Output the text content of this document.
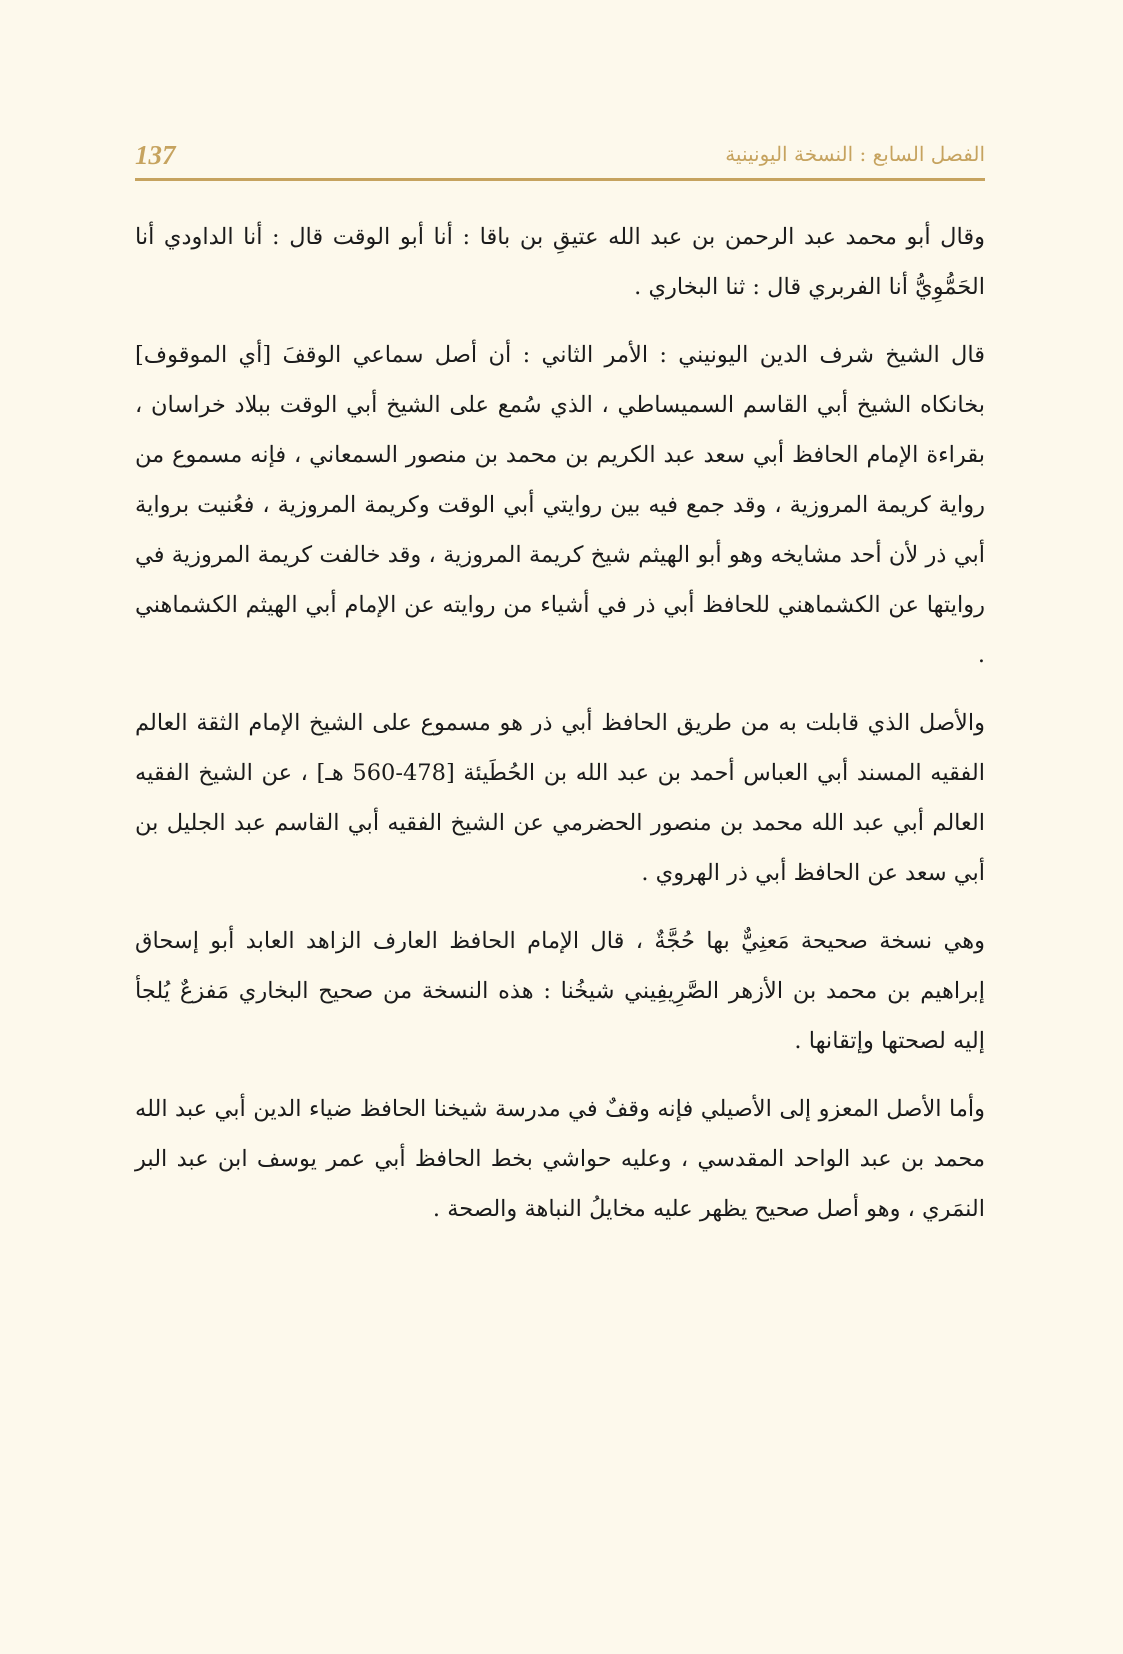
137	الفصل السابع : النسخة اليونينية

وقال أبو محمد عبد الرحمن بن عبد الله عتيقِ بن باقا : أنا أبو الوقت قال : أنا الداودي أنا الحَمُّوِيُّ أنا الفربري قال : ثنا البخاري .

قال الشيخ شرف الدين اليونيني : الأمر الثاني : أن أصل سماعي الوقفَ [أي الموقوف] بخانكاه الشيخ أبي القاسم السميساطي ، الذي سُمع على الشيخ أبي الوقت ببلاد خراسان ، بقراءة الإمام الحافظ أبي سعد عبد الكريم بن محمد بن منصور السمعاني ، فإنه مسموع من رواية كريمة المروزية ، وقد جمع فيه بين روايتي أبي الوقت وكريمة المروزية ، فعُنيت برواية أبي ذر لأن أحد مشايخه وهو أبو الهيثم شيخ كريمة المروزية ، وقد خالفت كريمة المروزية في روايتها عن الكشماهني للحافظ أبي ذر في أشياء من روايته عن الإمام أبي الهيثم الكشماهني .

والأصل الذي قابلت به من طريق الحافظ أبي ذر هو مسموع على الشيخ الإمام الثقة العالم الفقيه المسند أبي العباس أحمد بن عبد الله بن الحُطَيئة [478-560 هـ] ، عن الشيخ الفقيه العالم أبي عبد الله محمد بن منصور الحضرمي عن الشيخ الفقيه أبي القاسم عبد الجليل بن أبي سعد عن الحافظ أبي ذر الهروي .

وهي نسخة صحيحة مَعنِيٌّ بها حُجَّةٌ ، قال الإمام الحافظ العارف الزاهد العابد أبو إسحاق إبراهيم بن محمد بن الأزهر الصَّرِيفِيني شيخُنا : هذه النسخة من صحيح البخاري مَفزعٌ يُلجأ إليه لصحتها وإتقانها .

وأما الأصل المعزو إلى الأصيلي فإنه وقفٌ في مدرسة شيخنا الحافظ ضياء الدين أبي عبد الله محمد بن عبد الواحد المقدسي ، وعليه حواشي بخط الحافظ أبي عمر يوسف ابن عبد البر النمَري ، وهو أصل صحيح يظهر عليه مخايلُ النباهة والصحة .
